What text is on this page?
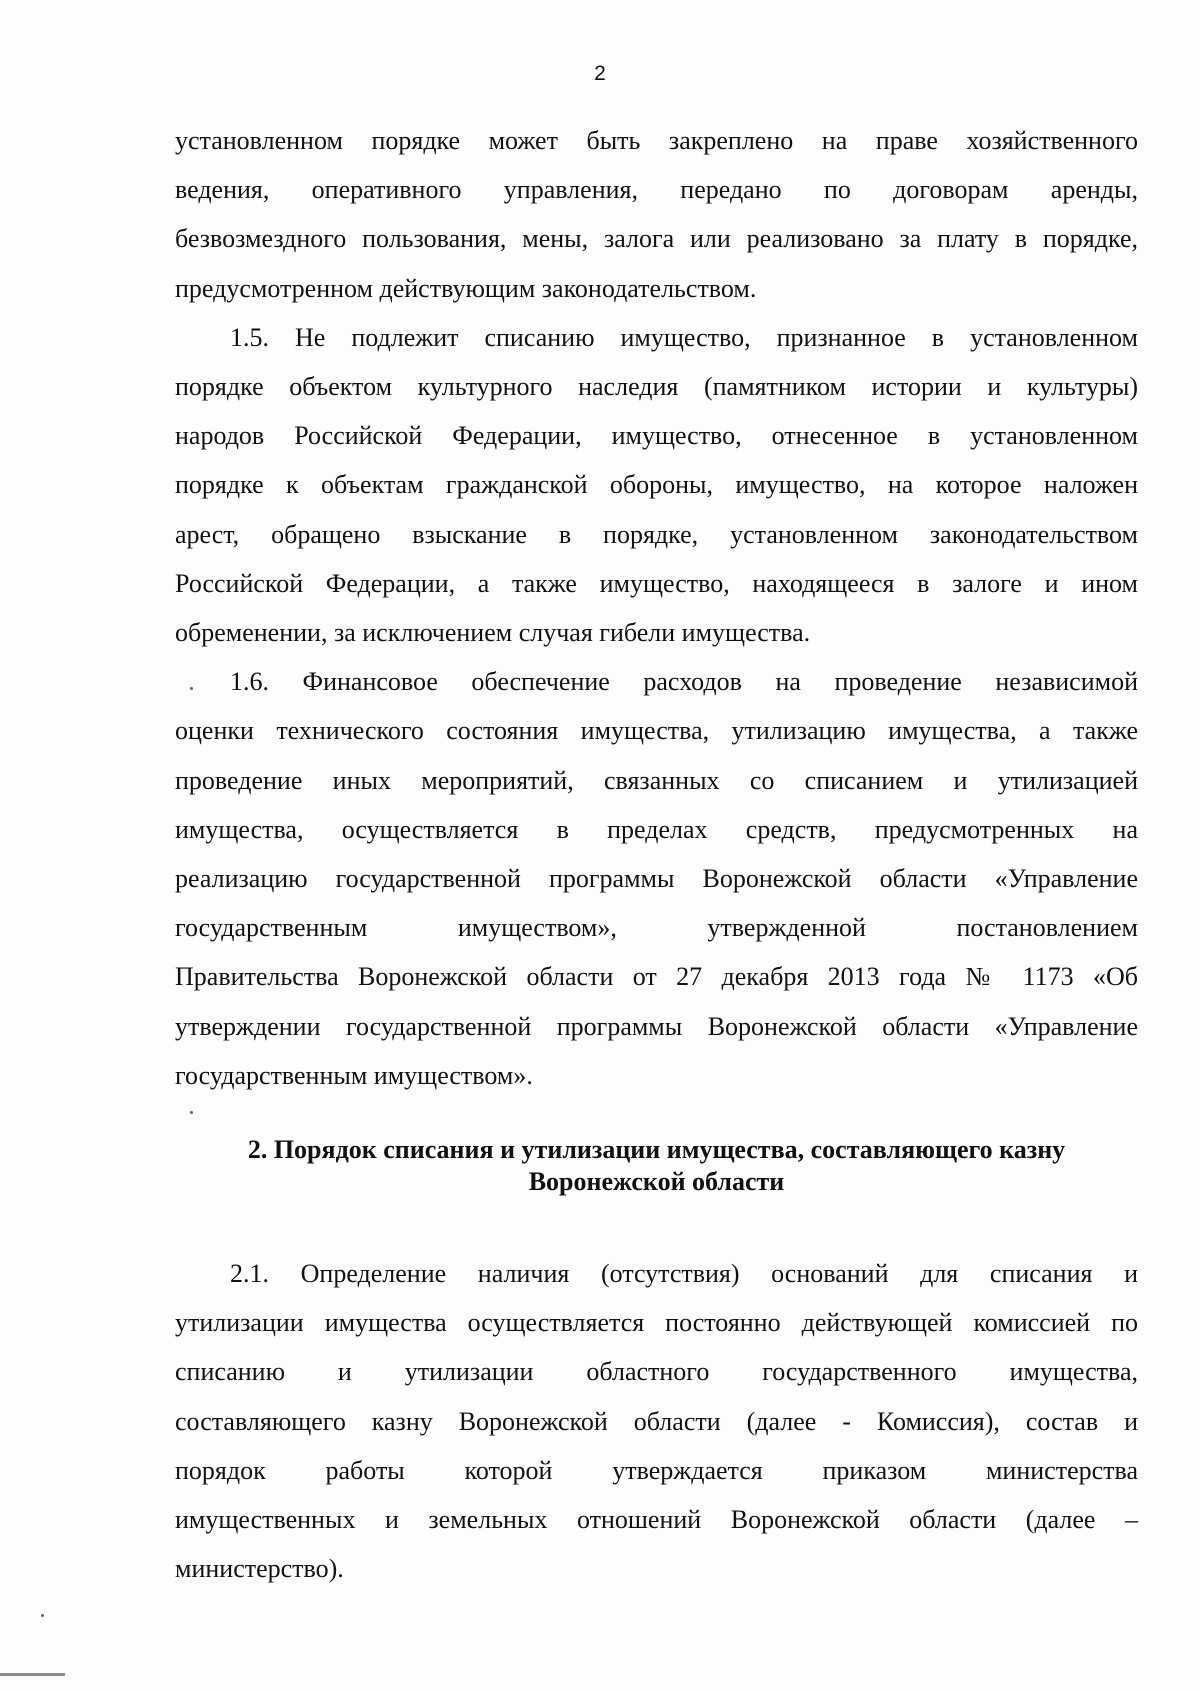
2

установленном порядке может быть закреплено на праве хозяйственного

ведения, оперативного управления, передано по договорам аренды,

безвозмездного пользования, мены, залога или реализовано за плату в порядке,

предусмотренном действующим законодательством.

1.5. Не подлежит списанию имущество, признанное в установленном

порядке объектом культурного наследия (памятником истории и культуры)

народов Российской Федерации, имущество, отнесенное в установленном

порядке к объектам гражданской обороны, имущество, на которое наложен

арест, обращено взыскание в порядке, установленном законодательством

Российской Федерации, а также имущество, находящееся в залоге и ином

обременении, за исключением случая гибели имущества.

1.6. Финансовое обеспечение расходов на проведение независимой

оценки технического состояния имущества, утилизацию имущества, а также

проведение иных мероприятий, связанных со списанием и утилизацией

имущества, осуществляется в пределах средств, предусмотренных на

реализацию государственной программы Воронежской области «Управление

государственным имуществом», утвержденной постановлением

Правительства Воронежской области от 27 декабря 2013 года № 1173 «Об

утверждении государственной программы Воронежской области «Управление

государственным имуществом».

2. Порядок списания и утилизации имущества, составляющего казну
Воронежской области

2.1. Определение наличия (отсутствия) оснований для списания и

утилизации имущества осуществляется постоянно действующей комиссией по

списанию и утилизации областного государственного имущества,

составляющего казну Воронежской области (далее - Комиссия), состав и

порядок работы которой утверждается приказом министерства

имущественных и земельных отношений Воронежской области (далее –

министерство).
